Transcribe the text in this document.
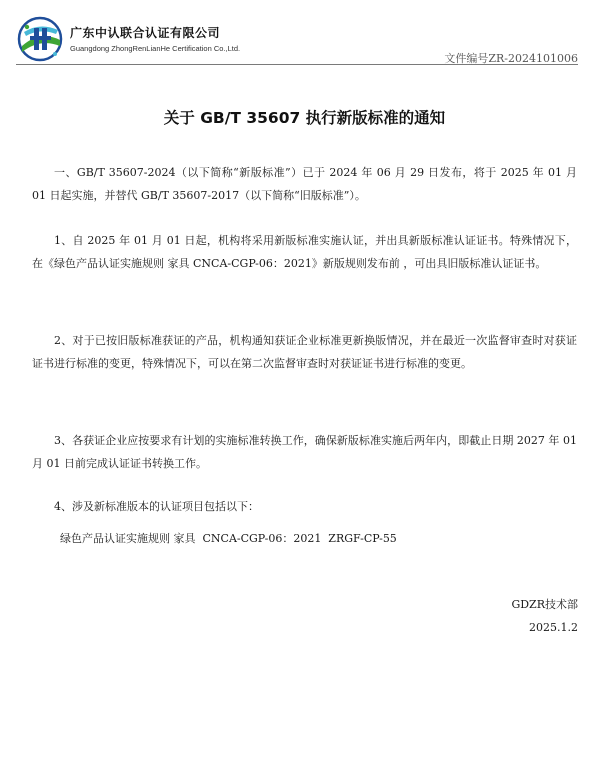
广东中认联合认证有限公司
Guangdong ZhongRenLianHe Certification Co.,Ltd.
文件编号ZR-2024101006
关于 GB/T 35607 执行新版标准的通知

一、GB/T 35607-2024（以下简称“新版标准”）已于 2024 年 06 月 29 日发布，将于 2025 年 01 月 01 日起实施，并替代 GB/T 35607-2017（以下简称“旧版标准”）。

1、自 2025 年 01 月 01 日起，机构将采用新版标准实施认证，并出具新版标准认证证书。特殊情况下，在《绿色产品认证实施规则 家具 CNCA-CGP-06：2021》新版规则发布前 ，可出具旧版标准认证证书。

2、对于已按旧版标准获证的产品，机构通知获证企业标准更新换版情况，并在最近一次监督审查时对获证证书进行标准的变更，特殊情况下，可以在第二次监督审查时对获证证书进行标准的变更。

3、各获证企业应按要求有计划的实施标准转换工作，确保新版标准实施后两年内，即截止日期 2027 年 01 月 01 日前完成认证证书转换工作。

4、涉及新标准版本的认证项目包括以下：

绿色产品认证实施规则 家具  CNCA-CGP-06：2021  ZRGF-CP-55
GDZR技术部
2025.1.2
